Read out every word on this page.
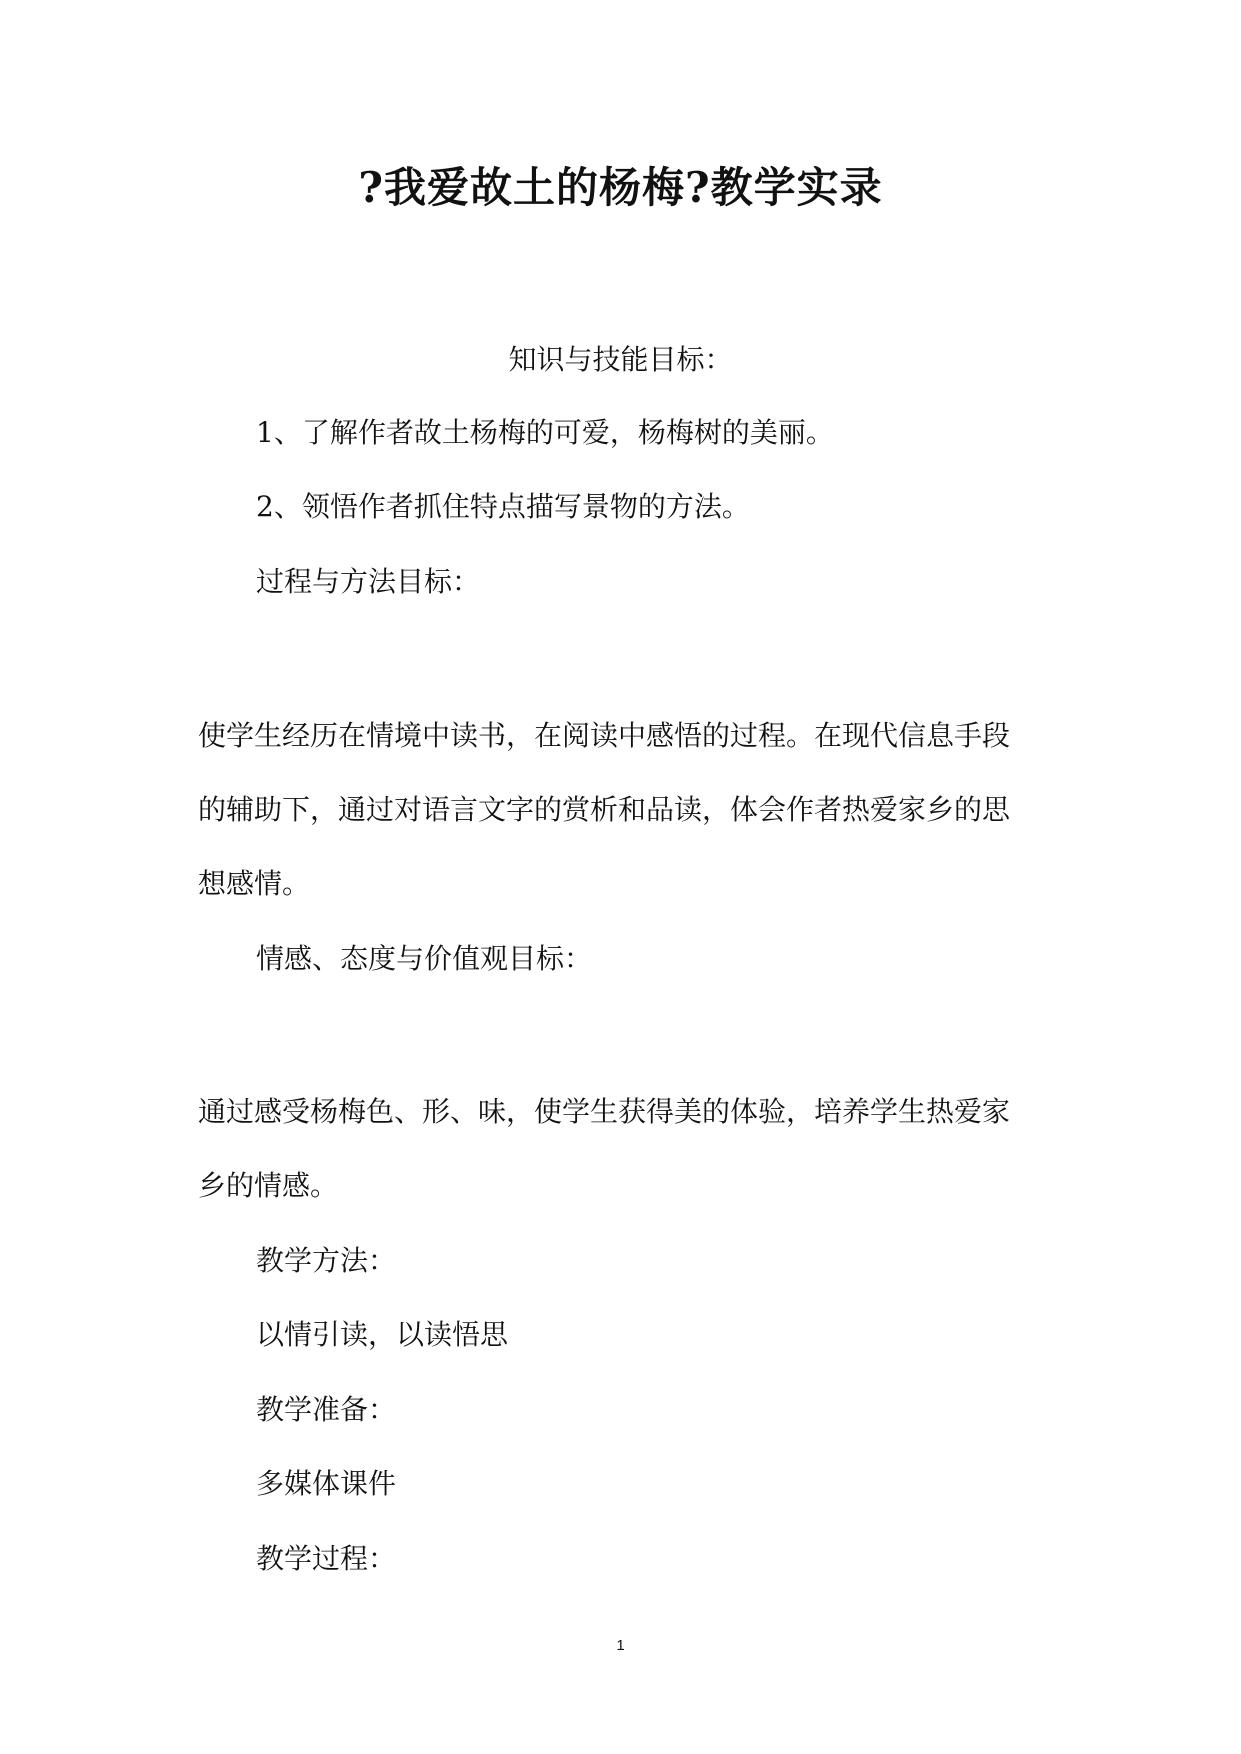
?我爱故土的杨梅?教学实录
知识与技能目标：
1、了解作者故土杨梅的可爱，杨梅树的美丽。
2、领悟作者抓住特点描写景物的方法。
过程与方法目标：
使学生经历在情境中读书，在阅读中感悟的过程。在现代信息手段
的辅助下，通过对语言文字的赏析和品读，体会作者热爱家乡的思
想感情。
情感、态度与价值观目标：
通过感受杨梅色、形、味，使学生获得美的体验，培养学生热爱家
乡的情感。
教学方法：
以情引读，以读悟思
教学准备：
多媒体课件
教学过程：
1
